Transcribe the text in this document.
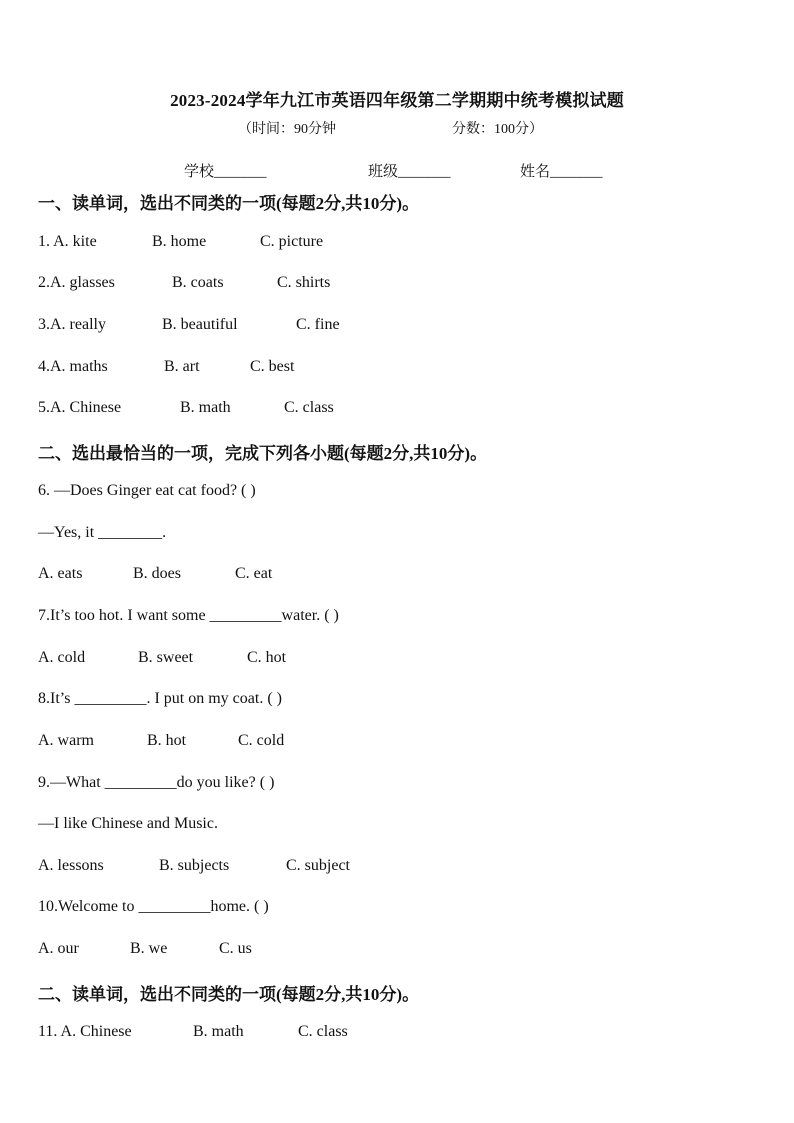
2023-2024学年九江市英语四年级第二学期期中统考模拟试题
（时间：90分钟	分数：100分）
学校_______	班级_______	姓名_______
一、读单词，选出不同类的一项(每题2分,共10分)。
1. A. kite	B. home	C. picture
2.A. glasses	B. coats	C. shirts
3.A. really	B. beautiful	C. fine
4.A. maths	B. art	C. best
5.A. Chinese	B. math	C. class
二、选出最恰当的一项，完成下列各小题(每题2分,共10分)。
6. —Does Ginger eat cat food? ( )
—Yes, it ________.
A. eats	B. does	C. eat
7.It’s too hot. I want some _________water. ( )
A. cold	B. sweet	C. hot
8.It’s _________. I put on my coat. ( )
A. warm	B. hot	C. cold
9.—What _________do you like? ( )
—I like Chinese and Music.
A. lessons	B. subjects	C. subject
10.Welcome to _________home. ( )
A. our	B. we	C. us
二、读单词，选出不同类的一项(每题2分,共10分)。
11. A. Chinese	B. math	C. class
